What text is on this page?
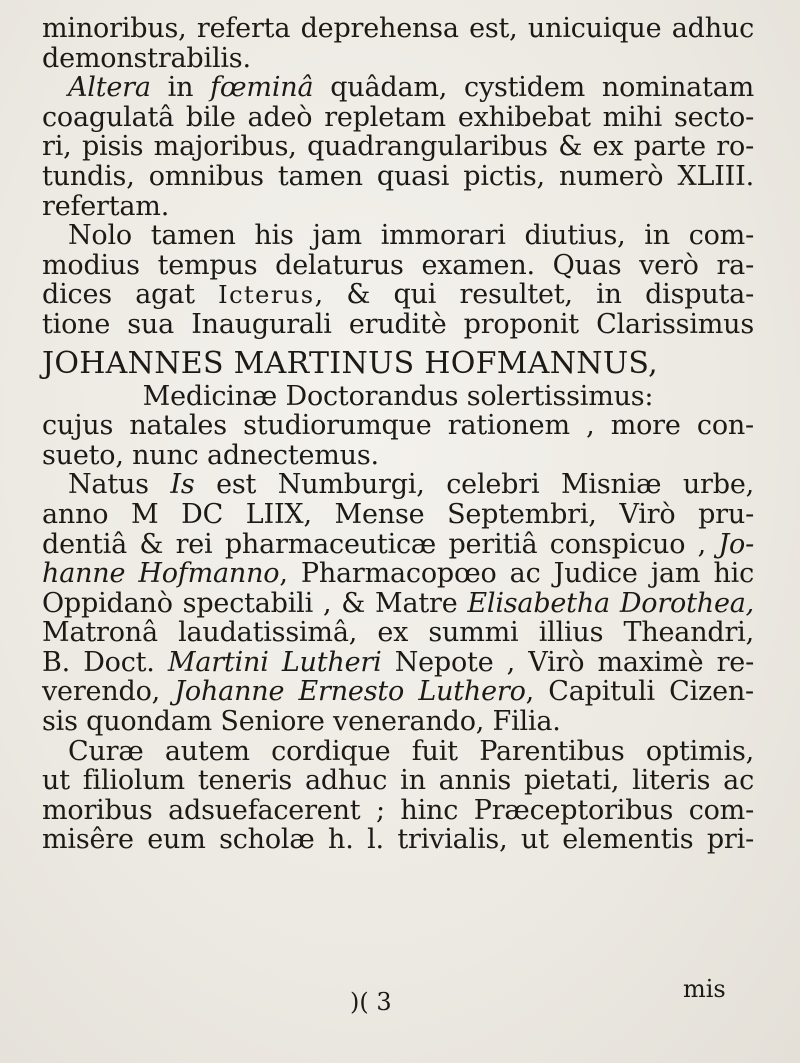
minoribus, referta deprehensa est, unicuique adhuc
demonstrabilis.
Altera in fœminâ quâdam, cystidem nominatam
coagulatâ bile adeò repletam exhibebat mihi secto-
ri, pisis majoribus, quadrangularibus & ex parte ro-
tundis, omnibus tamen quasi pictis, numerò XLIII.
refertam.
Nolo tamen his jam immorari diutius, in com-
modius tempus delaturus examen. Quas verò ra-
dices agat Icterus, & qui resultet, in disputa-
tione sua Inaugurali eruditè proponit Clarissimus
JOHANNES MARTINUS HOFMANNUS,
Medicinæ Doctorandus solertissimus:
cujus natales studiorumque rationem , more con-
sueto, nunc adnectemus.
Natus Is est Numburgi, celebri Misniæ urbe,
anno M DC LIIX, Mense Septembri, Virò pru-
dentiâ & rei pharmaceuticæ peritiâ conspicuo , Jo-
hanne Hofmanno, Pharmacopœo ac Judice jam hic
Oppidanò spectabili , & Matre Elisabetha Dorothea,
Matronâ laudatissimâ, ex summi illius Theandri,
B. Doct. Martini Lutheri Nepote , Virò maximè re-
verendo, Johanne Ernesto Luthero, Capituli Cizen-
sis quondam Seniore venerando, Filia.
Curæ autem cordique fuit Parentibus optimis,
ut filiolum teneris adhuc in annis pietati, literis ac
moribus adsuefacerent ; hinc Præceptoribus com-
misêre eum scholæ h. l. trivialis, ut elementis pri-
)( 3	mis
